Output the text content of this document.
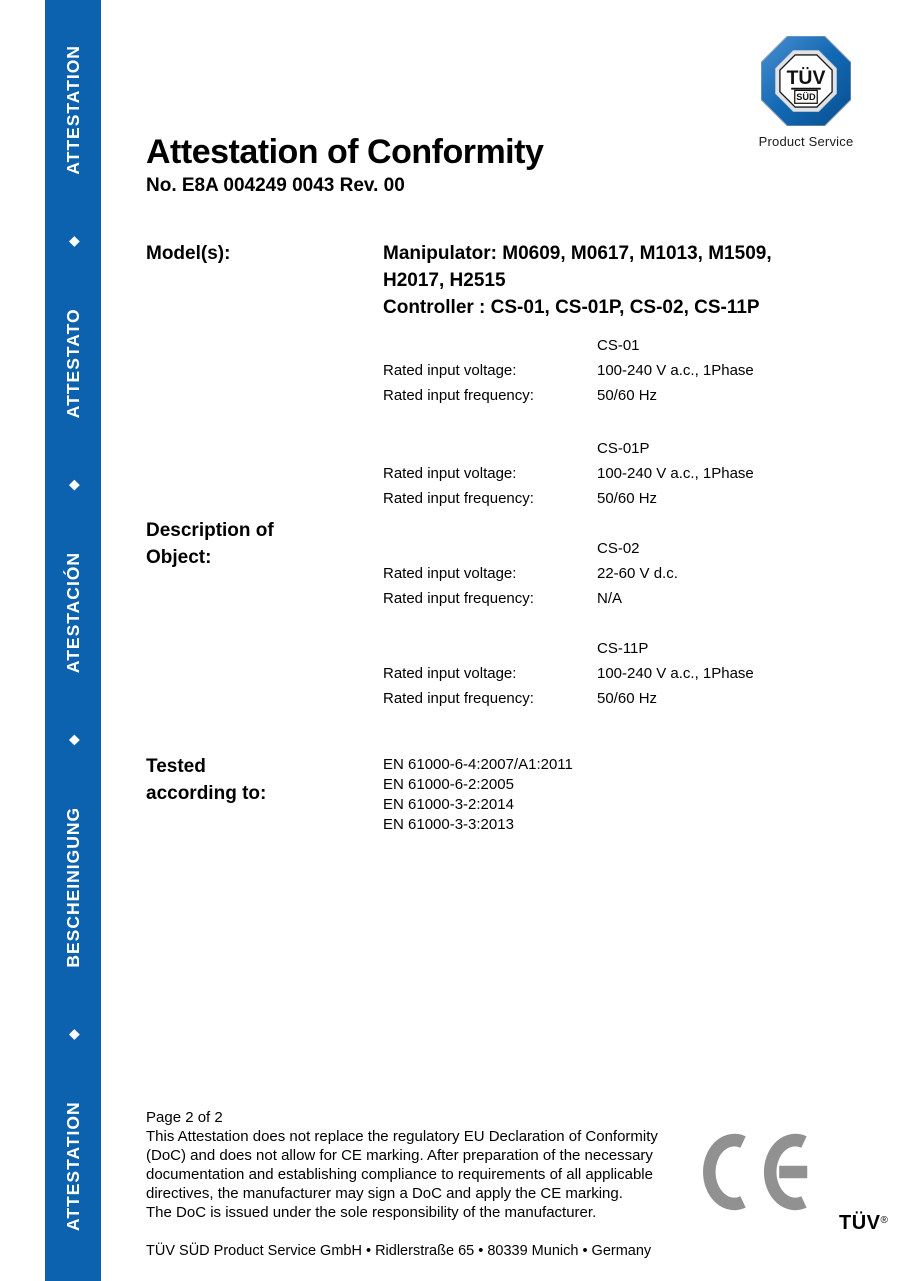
ATTESTATION
◆
ATTESTATO
◆
ATESTACIÓN
◆
BESCHEINIGUNG
◆
ATTESTATION
TÜV
SÜD
Product Service
Attestation of Conformity
No. E8A 004249 0043 Rev. 00
Model(s):	Manipulator: M0609, M0617, M1013, M1509,
H2017, H2515
Controller : CS-01, CS-01P, CS-02, CS-11P
Description of
Object:
CS-01
Rated input voltage:	100-240 V a.c., 1Phase
Rated input frequency:	50/60 Hz
CS-01P
Rated input voltage:	100-240 V a.c., 1Phase
Rated input frequency:	50/60 Hz
CS-02
Rated input voltage:	22-60 V d.c.
Rated input frequency:	N/A
CS-11P
Rated input voltage:	100-240 V a.c., 1Phase
Rated input frequency:	50/60 Hz
Tested
according to:
EN 61000-6-4:2007/A1:2011
EN 61000-6-2:2005
EN 61000-3-2:2014
EN 61000-3-3:2013
Page 2 of 2
This Attestation does not replace the regulatory EU Declaration of Conformity (DoC) and does not allow for CE marking. After preparation of the necessary documentation and establishing compliance to requirements of all applicable directives, the manufacturer may sign a DoC and apply the CE marking.
The DoC is issued under the sole responsibility of the manufacturer.	TÜV®
TÜV SÜD Product Service GmbH • Ridlerstraße 65 • 80339 Munich • Germany
